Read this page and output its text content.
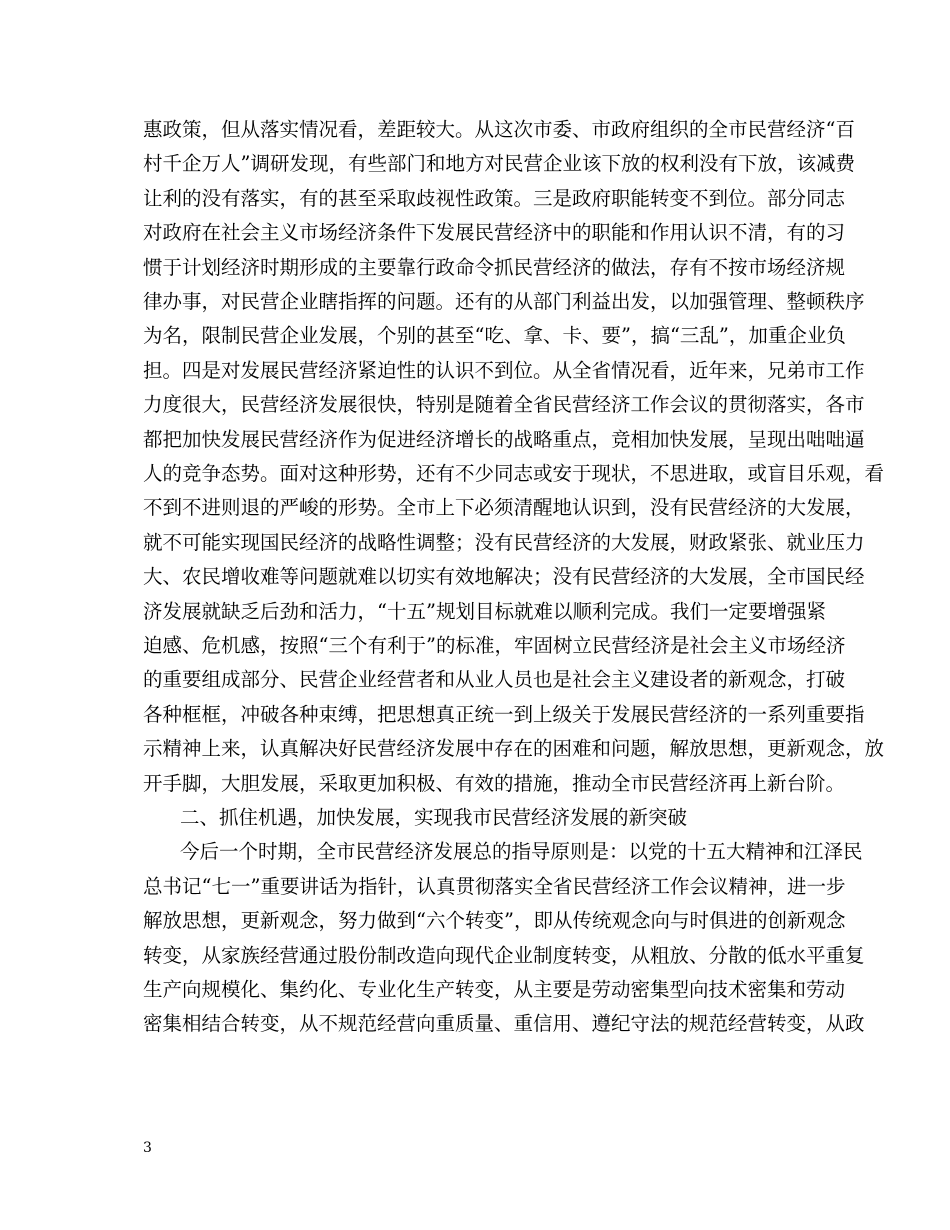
惠政策，但从落实情况看，差距较大。从这次市委、市政府组织的全市民营经济“百
村千企万人”调研发现，有些部门和地方对民营企业该下放的权利没有下放，该减费
让利的没有落实，有的甚至采取歧视性政策。三是政府职能转变不到位。部分同志
对政府在社会主义市场经济条件下发展民营经济中的职能和作用认识不清，有的习
惯于计划经济时期形成的主要靠行政命令抓民营经济的做法，存有不按市场经济规
律办事，对民营企业瞎指挥的问题。还有的从部门利益出发，以加强管理、整顿秩序
为名，限制民营企业发展，个别的甚至“吃、拿、卡、要”，搞“三乱”，加重企业负
担。四是对发展民营经济紧迫性的认识不到位。从全省情况看，近年来，兄弟市工作
力度很大，民营经济发展很快，特别是随着全省民营经济工作会议的贯彻落实，各市
都把加快发展民营经济作为促进经济增长的战略重点，竞相加快发展，呈现出咄咄逼
人的竞争态势。面对这种形势，还有不少同志或安于现状，不思进取，或盲目乐观，看
不到不进则退的严峻的形势。全市上下必须清醒地认识到，没有民营经济的大发展，
就不可能实现国民经济的战略性调整；没有民营经济的大发展，财政紧张、就业压力
大、农民增收难等问题就难以切实有效地解决；没有民营经济的大发展，全市国民经
济发展就缺乏后劲和活力，“十五”规划目标就难以顺利完成。我们一定要增强紧
迫感、危机感，按照“三个有利于”的标准，牢固树立民营经济是社会主义市场经济
的重要组成部分、民营企业经营者和从业人员也是社会主义建设者的新观念，打破
各种框框，冲破各种束缚，把思想真正统一到上级关于发展民营经济的一系列重要指
示精神上来，认真解决好民营经济发展中存在的困难和问题，解放思想，更新观念，放
开手脚，大胆发展，采取更加积极、有效的措施，推动全市民营经济再上新台阶。
二、抓住机遇，加快发展，实现我市民营经济发展的新突破
今后一个时期，全市民营经济发展总的指导原则是：以党的十五大精神和江泽民
总书记“七一”重要讲话为指针，认真贯彻落实全省民营经济工作会议精神，进一步
解放思想，更新观念，努力做到“六个转变”，即从传统观念向与时俱进的创新观念
转变，从家族经营通过股份制改造向现代企业制度转变，从粗放、分散的低水平重复
生产向规模化、集约化、专业化生产转变，从主要是劳动密集型向技术密集和劳动
密集相结合转变，从不规范经营向重质量、重信用、遵纪守法的规范经营转变，从政
3
